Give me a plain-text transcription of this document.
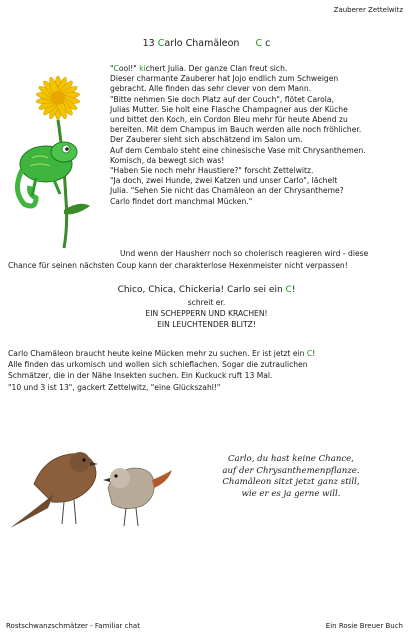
Zauberer Zettelwitz
13 Carlo Chamäleon C c
"Cool!" kichert Julia. Der ganze Clan freut sich.
Dieser charmante Zauberer hat Jojo endlich zum Schweigen
gebracht. Alle finden das sehr clever von dem Mann.
"Bitte nehmen Sie doch Platz auf der Couch", flötet Carola,
Julias Mutter. Sie holt eine Flasche Champagner aus der Küche
und bittet den Koch, ein Cordon Bleu mehr für heute Abend zu
bereiten. Mit dem Champus im Bauch werden alle noch fröhlicher.
Der Zauberer sieht sich abschätzend im Salon um.
Auf dem Cembalo steht eine chinesische Vase mit Chrysanthemen.
Komisch, da bewegt sich was!
"Haben Sie noch mehr Haustiere?" forscht Zettelwitz.
"Ja doch, zwei Hunde, zwei Katzen und unser Carlo", lächelt
Julia. "Sehen Sie nicht das Chamäleon an der Chrysantheme?
Carlo findet dort manchmal Mücken."
Und wenn der Hausherr noch so cholerisch reagieren wird - diese
Chance für seinen nächsten Coup kann der charakterlose Hexenmeister nicht verpassen!
Chico, Chica, Chickeria! Carlo sei ein C!
schreit er.
EIN SCHEPPERN UND KRACHEN!
EIN LEUCHTENDER BLITZ!
Carlo Chamäleon braucht heute keine Mücken mehr zu suchen. Er ist jetzt ein C!
Alle finden das urkomisch und wollen sich schieflachen. Sogar die zutraulichen
Schmätzer, die in der Nähe Insekten suchen. Ein Kuckuck ruft 13 Mal.
"10 und 3 ist 13", gackert Zettelwitz, "eine Glückszahl!"
Carlo, du hast keine Chance,
auf der Chrysanthemenpflanze.
Chamäleon sitzt jetzt ganz still,
wie er es ja gerne will.
Rostschwanzschmätzer - Familiar chat	Ein Rosie Breuer Buch
